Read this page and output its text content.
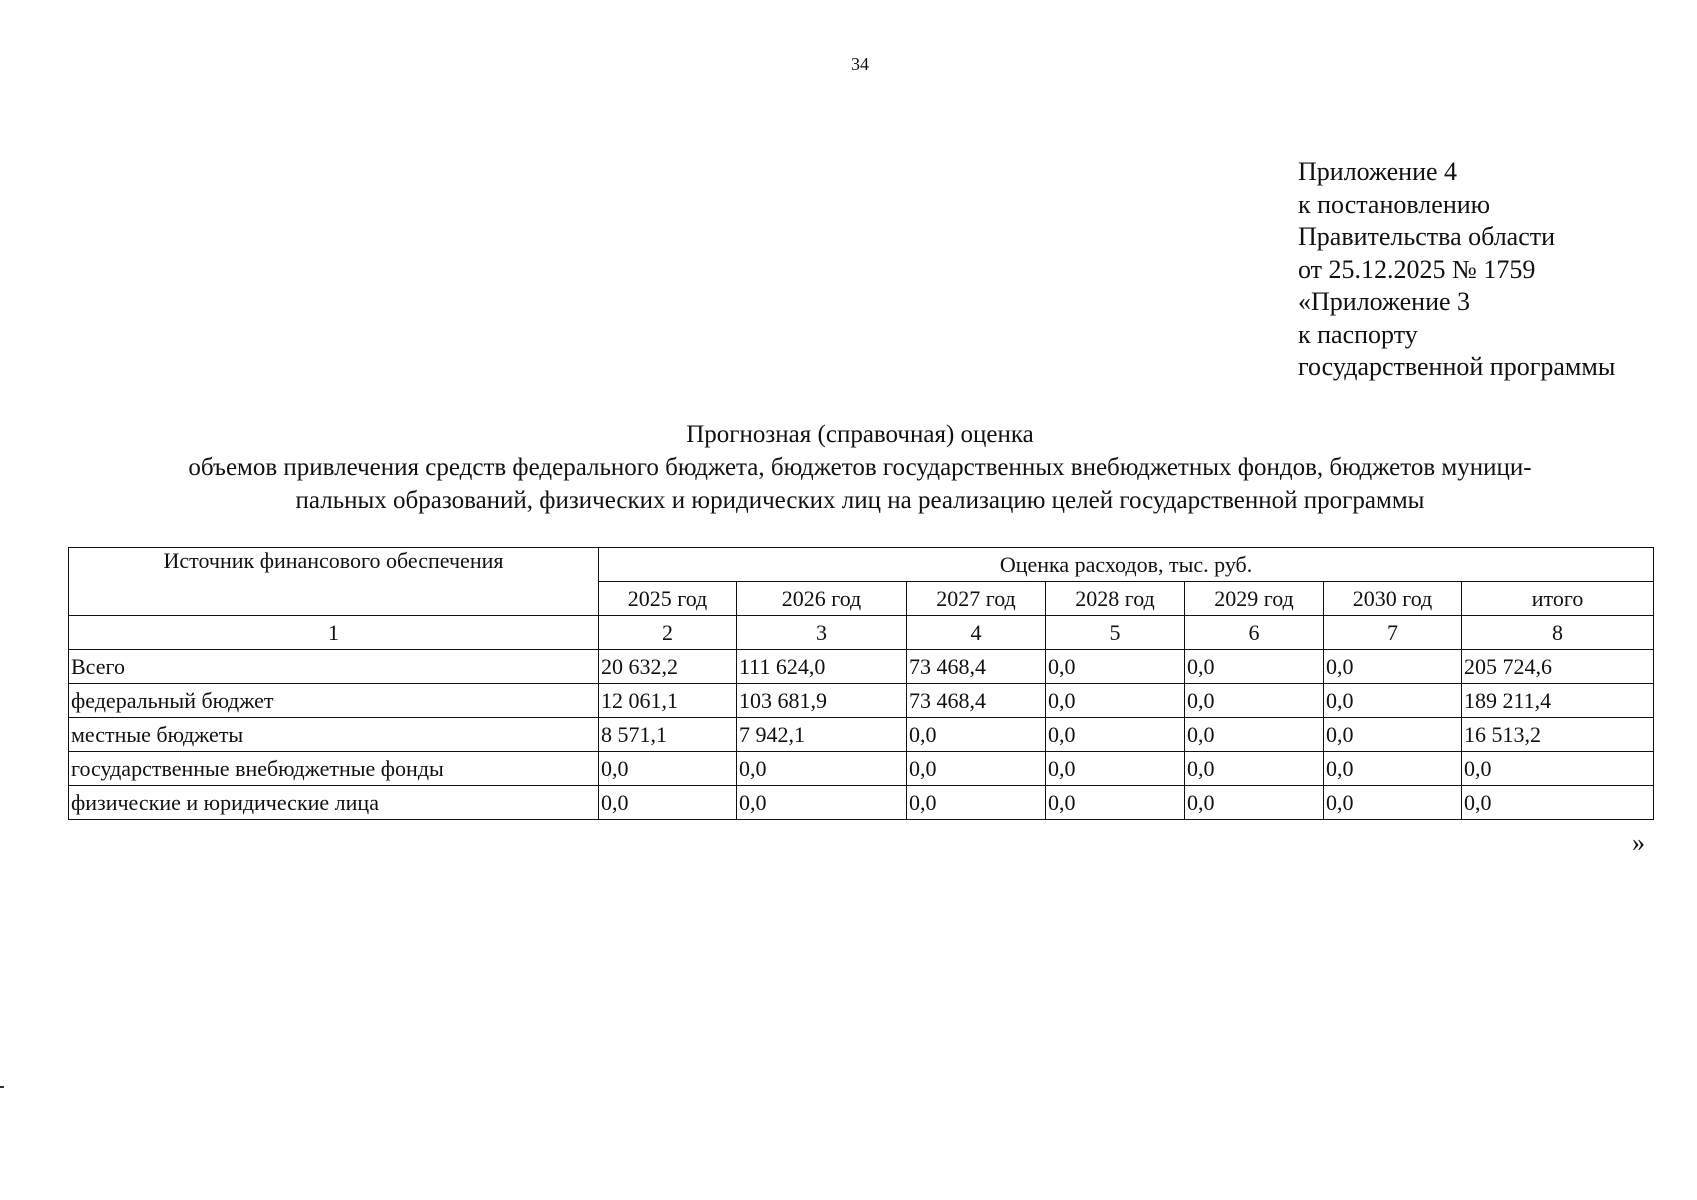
34
Приложение 4
к постановлению
Правительства области
от 25.12.2025 № 1759
«Приложение 3
к паспорту
государственной программы
Прогнозная (справочная) оценка
объемов привлечения средств федерального бюджета, бюджетов государственных внебюджетных фондов, бюджетов муници-
пальных образований, физических и юридических лиц на реализацию целей государственной программы
Источник финансового обеспечения	Оценка расходов, тыс. руб.						
	2025 год	2026 год	2027 год	2028 год	2029 год	2030 год	итого
1	2	3	4	5	6	7	8
Всего	20 632,2	111 624,0	73 468,4	0,0	0,0	0,0	205 724,6
федеральный бюджет	12 061,1	103 681,9	73 468,4	0,0	0,0	0,0	189 211,4
местные бюджеты	8 571,1	7 942,1	0,0	0,0	0,0	0,0	16 513,2
государственные внебюджетные фонды	0,0	0,0	0,0	0,0	0,0	0,0	0,0
физические и юридические лица	0,0	0,0	0,0	0,0	0,0	0,0	0,0
»
